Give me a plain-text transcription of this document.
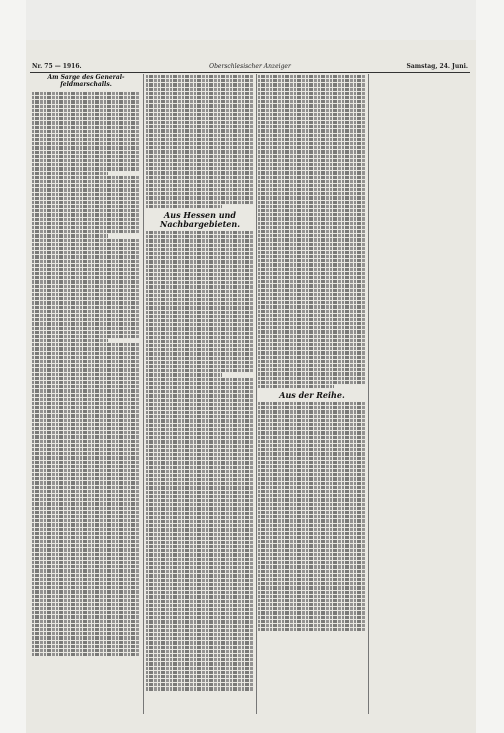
Nr. 75 — 1916.	Oberschlesischer Anzeiger	Samstag, 24. Juni.
Am Sarge des General-feldmarschalls.
Aus Hessen und Nachbargebieten.
Aus der Reihe.
